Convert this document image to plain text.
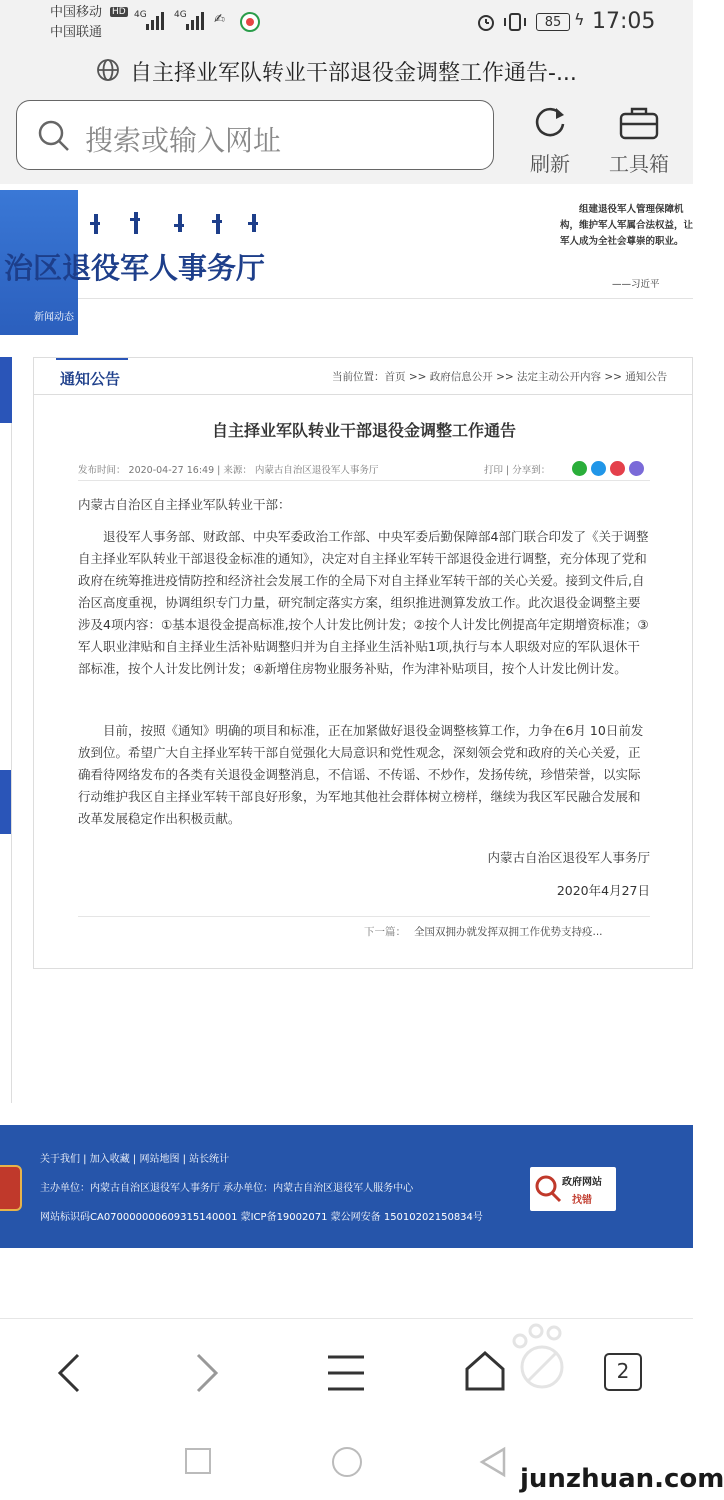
中国移动 HD
中国联通
4G	4G ✍	85 ϟ 17:05
自主择业军队转业干部退役金调整工作通告-...
搜索或输入网址
刷新	工具箱
治区退役军人事务厅
新闻动态
组建退役军人管理保障机构，维护军人军属合法权益，让军人成为全社会尊崇的职业。
——习近平
通知公告	当前位置：首页 >> 政府信息公开 >> 法定主动公开内容 >> 通知公告
自主择业军队转业干部退役金调整工作通告
发布时间： 2020-04-27 16:49 | 来源： 内蒙古自治区退役军人事务厅	打印 | 分享到：
内蒙古自治区自主择业军队转业干部：

退役军人事务部、财政部、中央军委政治工作部、中央军委后勤保障部4部门联合印发了《关于调整自主择业军队转业干部退役金标准的通知》，决定对自主择业军转干部退役金进行调整，充分体现了党和政府在统筹推进疫情防控和经济社会发展工作的全局下对自主择业军转干部的关心关爱。接到文件后,自治区高度重视，协调组织专门力量，研究制定落实方案，组织推进测算发放工作。此次退役金调整主要涉及4项内容：①基本退役金提高标准,按个人计发比例计发；②按个人计发比例提高年定期增资标准；③军人职业津贴和自主择业生活补贴调整归并为自主择业生活补贴1项,执行与本人职级对应的军队退休干部标准，按个人计发比例计发；④新增住房物业服务补贴，作为津补贴项目，按个人计发比例计发。

目前，按照《通知》明确的项目和标准，正在加紧做好退役金调整核算工作，力争在6月 10日前发放到位。希望广大自主择业军转干部自觉强化大局意识和党性观念，深刻领会党和政府的关心关爱，正确看待网络发布的各类有关退役金调整消息，不信谣、不传谣、不炒作，发扬传统，珍惜荣誉，以实际行动维护我区自主择业军转干部良好形象，为军地其他社会群体树立榜样，继续为我区军民融合发展和改革发展稳定作出积极贡献。

内蒙古自治区退役军人事务厅
2020年4月27日
下一篇： 全国双拥办就发挥双拥工作优势支持疫...
关于我们 | 加入收藏 | 网站地图 | 站长统计
主办单位：内蒙古自治区退役军人事务厅 承办单位：内蒙古自治区退役军人服务中心
网站标识码CA070000000609315140001 蒙ICP备19002071 蒙公网安备 15010202150834号
政府网站
找错
2
junzhuan.com
